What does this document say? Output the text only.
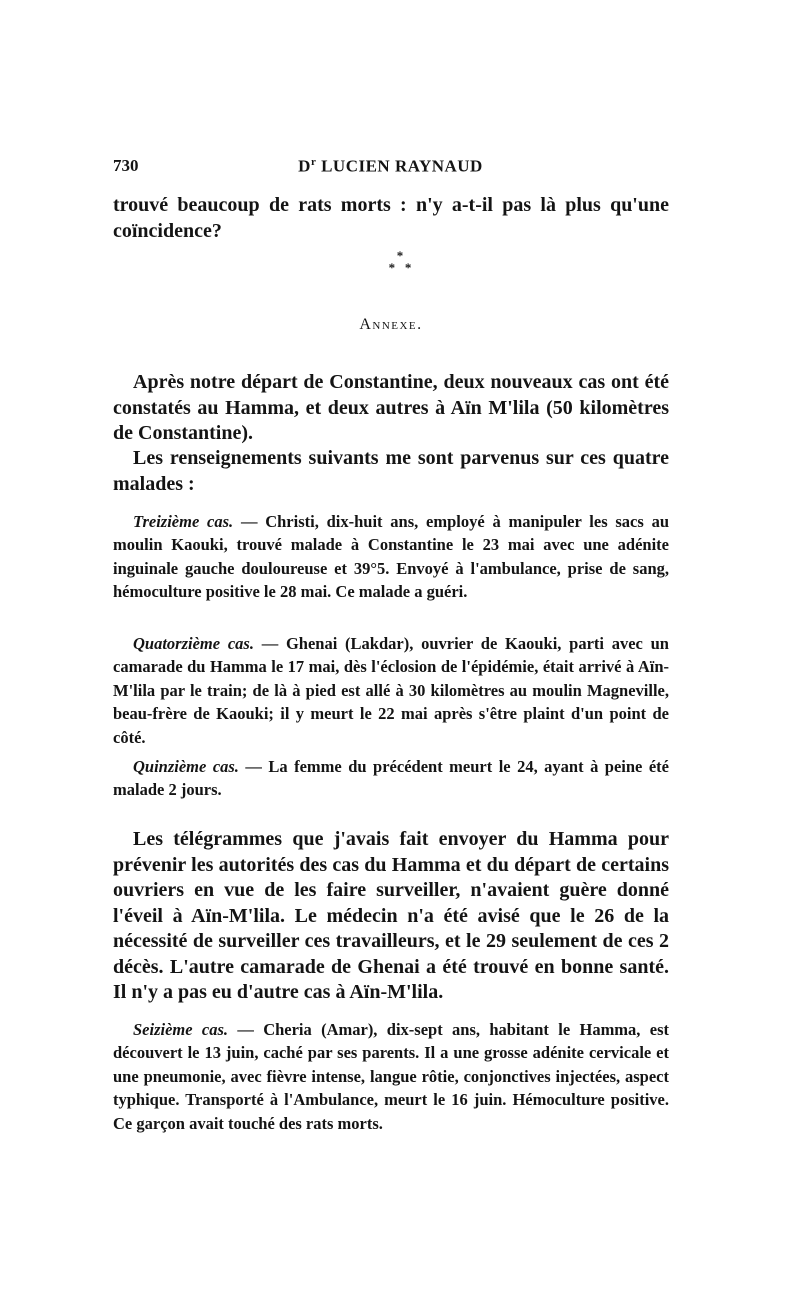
730	$D^r$ LUCIEN RAYNAUD

trouvé beaucoup de rats morts : n'y a-t-il pas là plus qu'une coïncidence?

*
*   *
Annexe.

Après notre départ de Constantine, deux nouveaux cas ont été constatés au Hamma, et deux autres à Aïn M'lila (50 kilomètres de Constantine).

Les renseignements suivants me sont parvenus sur ces quatre malades :

Treizième cas. — Christi, dix-huit ans, employé à manipuler les sacs au moulin Kaouki, trouvé malade à Constantine le 23 mai avec une adénite inguinale gauche douloureuse et 39°5. Envoyé à l'ambulance, prise de sang, hémoculture positive le 28 mai. Ce malade a guéri.

Quatorzième cas. — Ghenai (Lakdar), ouvrier de Kaouki, parti avec un camarade du Hamma le 17 mai, dès l'éclosion de l'épidémie, était arrivé à Aïn-M'lila par le train; de là à pied est allé à 30 kilomètres au moulin Magneville, beau-frère de Kaouki; il y meurt le 22 mai après s'être plaint d'un point de côté.

Quinzième cas. — La femme du précédent meurt le 24, ayant à peine été malade 2 jours.

Les télégrammes que j'avais fait envoyer du Hamma pour prévenir les autorités des cas du Hamma et du départ de certains ouvriers en vue de les faire surveiller, n'avaient guère donné l'éveil à Aïn-M'lila. Le médecin n'a été avisé que le 26 de la nécessité de surveiller ces travailleurs, et le 29 seulement de ces 2 décès. L'autre camarade de Ghenai a été trouvé en bonne santé. Il n'y a pas eu d'autre cas à Aïn-M'lila.

Seizième cas. — Cheria (Amar), dix-sept ans, habitant le Hamma, est découvert le 13 juin, caché par ses parents. Il a une grosse adénite cervicale et une pneumonie, avec fièvre intense, langue rôtie, conjonctives injectées, aspect typhique. Transporté à l'Ambulance, meurt le 16 juin. Hémoculture positive. Ce garçon avait touché des rats morts.
